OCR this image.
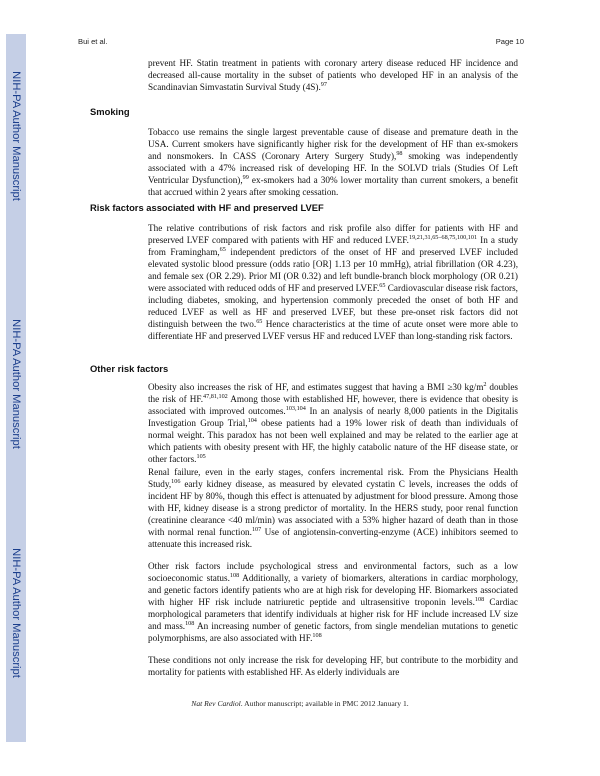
NIH-PA Author Manuscript
NIH-PA Author Manuscript
NIH-PA Author Manuscript
Bui et al.	Page 10
prevent HF. Statin treatment in patients with coronary artery disease reduced HF incidence and decreased all-cause mortality in the subset of patients who developed HF in an analysis of the Scandinavian Simvastatin Survival Study (4S).$^{97}$
Smoking
Tobacco use remains the single largest preventable cause of disease and premature death in the USA. Current smokers have significantly higher risk for the development of HF than ex-smokers and nonsmokers. In CASS (Coronary Artery Surgery Study),$^{98}$ smoking was independently associated with a 47% increased risk of developing HF. In the SOLVD trials (Studies Of Left Ventricular Dysfunction),$^{99}$ ex-smokers had a 30% lower mortality than current smokers, a benefit that accrued within 2 years after smoking cessation.
Risk factors associated with HF and preserved LVEF
The relative contributions of risk factors and risk profile also differ for patients with HF and preserved LVEF compared with patients with HF and reduced LVEF.$^{19,21,31,65-68,75,100,101}$ In a study from Framingham,$^{65}$ independent predictors of the onset of HF and preserved LVEF included elevated systolic blood pressure (odds ratio [OR] 1.13 per 10 mmHg), atrial fibrillation (OR 4.23), and female sex (OR 2.29). Prior MI (OR 0.32) and left bundle-branch block morphology (OR 0.21) were associated with reduced odds of HF and preserved LVEF.$^{65}$ Cardiovascular disease risk factors, including diabetes, smoking, and hypertension commonly preceded the onset of both HF and reduced LVEF as well as HF and preserved LVEF, but these pre-onset risk factors did not distinguish between the two.$^{65}$ Hence characteristics at the time of acute onset were more able to differentiate HF and preserved LVEF versus HF and reduced LVEF than long-standing risk factors.
Other risk factors
Obesity also increases the risk of HF, and estimates suggest that having a BMI ≥30 $kg/m^2$ doubles the risk of HF.$^{47,81,102}$ Among those with established HF, however, there is evidence that obesity is associated with improved outcomes.$^{103,104}$ In an analysis of nearly 8,000 patients in the Digitalis Investigation Group Trial,$^{104}$ obese patients had a 19% lower risk of death than individuals of normal weight. This paradox has not been well explained and may be related to the earlier age at which patients with obesity present with HF, the highly catabolic nature of the HF disease state, or other factors.$^{105}$
Renal failure, even in the early stages, confers incremental risk. From the Physicians Health Study,$^{106}$ early kidney disease, as measured by elevated cystatin C levels, increases the odds of incident HF by 80%, though this effect is attenuated by adjustment for blood pressure. Among those with HF, kidney disease is a strong predictor of mortality. In the HERS study, poor renal function (creatinine clearance <40 ml/min) was associated with a 53% higher hazard of death than in those with normal renal function.$^{107}$ Use of angiotensin-converting-enzyme (ACE) inhibitors seemed to attenuate this increased risk.
Other risk factors include psychological stress and environmental factors, such as a low socioeconomic status.$^{108}$ Additionally, a variety of biomarkers, alterations in cardiac morphology, and genetic factors identify patients who are at high risk for developing HF. Biomarkers associated with higher HF risk include natriuretic peptide and ultrasensitive troponin levels.$^{108}$ Cardiac morphological parameters that identify individuals at higher risk for HF include increased LV size and mass.$^{108}$ An increasing number of genetic factors, from single mendelian mutations to genetic polymorphisms, are also associated with HF.$^{108}$
These conditions not only increase the risk for developing HF, but contribute to the morbidity and mortality for patients with established HF. As elderly individuals are
Nat Rev Cardiol. Author manuscript; available in PMC 2012 January 1.
